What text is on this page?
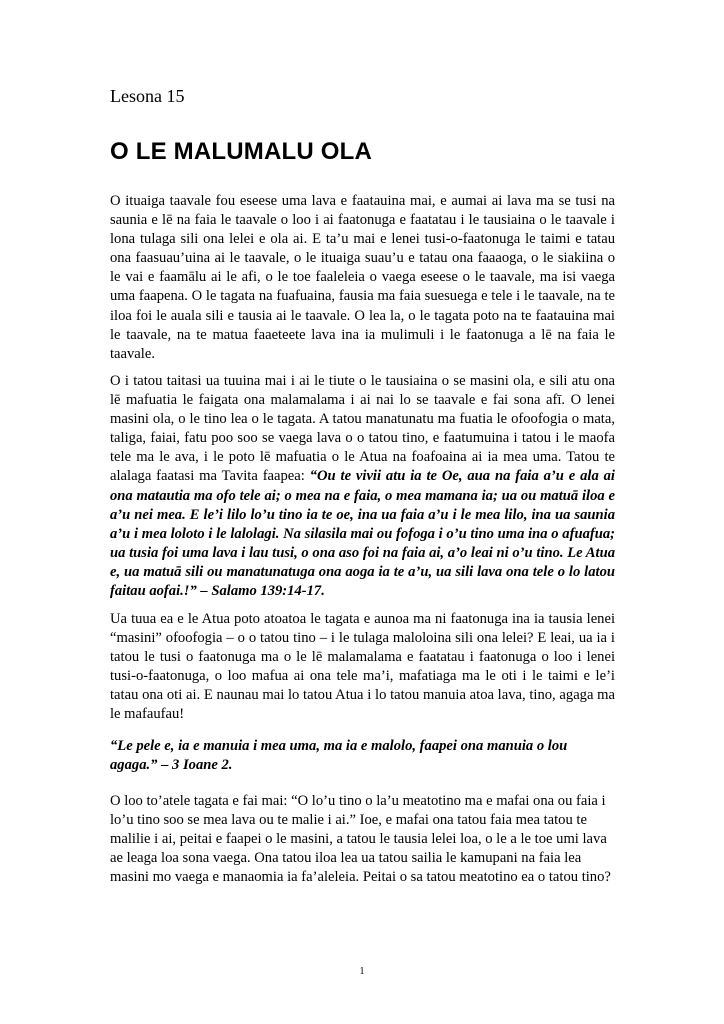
Lesona 15
O LE MALUMALU OLA

O ituaiga taavale fou eseese uma lava e faatauina mai, e aumai ai lava ma se tusi na saunia e lē na faia le taavale o loo i ai faatonuga e faatatau i le tausiaina o le taavale i lona tulaga sili ona lelei e ola ai. E ta’u mai e lenei tusi-o-faatonuga le taimi e tatau ona faasuau’uina ai le taavale, o le ituaiga suau’u e tatau ona faaaoga, o le siakiina o le vai e faamālu ai le afi, o le toe faaleleia o vaega eseese o le taavale, ma isi vaega uma faapena. O le tagata na fuafuaina, fausia ma faia suesuega e tele i le taavale, na te iloa foi le auala sili e tausia ai le taavale. O lea la, o le tagata poto na te faatauina mai le taavale, na te matua faaeteete lava ina ia mulimuli i le faatonuga a lē na faia le taavale.

O i tatou taitasi ua tuuina mai i ai le tiute o le tausiaina o se masini ola, e sili atu ona lē mafuatia le faigata ona malamalama i ai nai lo se taavale e fai sona afī. O lenei masini ola, o le tino lea o le tagata. A tatou manatunatu ma fuatia le ofoofogia o mata, taliga, faiai, fatu poo soo se vaega lava o o tatou tino, e faatumuina i tatou i le maofa tele ma le ava, i le poto lē mafuatia o le Atua na foafoaina ai ia mea uma. Tatou te alalaga faatasi ma Tavita faapea: “Ou te vivii atu ia te Oe, aua na faia a’u e ala ai ona matautia ma ofo tele ai; o mea na e faia, o mea mamana ia; ua ou matuā iloa e a’u nei mea. E le’i lilo lo’u tino ia te oe, ina ua faia a’u i le mea lilo, ina ua saunia a’u i mea loloto i le lalolagi. Na silasila mai ou fofoga i o’u tino uma ina o afuafua; ua tusia foi uma lava i lau tusi, o ona aso foi na faia ai, a’o leai ni o’u tino. Le Atua e, ua matuā sili ou manatunatuga ona aoga ia te a’u, ua sili lava ona tele o lo latou faitau aofai.!” – Salamo 139:14-17.

Ua tuua ea e le Atua poto atoatoa le tagata e aunoa ma ni faatonuga ina ia tausia lenei “masini” ofoofogia – o o tatou tino – i le tulaga maloloina sili ona lelei? E leai, ua ia i tatou le tusi o faatonuga ma o le lē malamalama e faatatau i faatonuga o loo i lenei tusi-o-faatonuga, o loo mafua ai ona tele ma’i, mafatiaga ma le oti i le taimi e le’i tatau ona oti ai. E naunau mai lo tatou Atua i lo tatou manuia atoa lava, tino, agaga ma le mafaufau!

“Le pele e, ia e manuia i mea uma, ma ia e malolo, faapei ona manuia o lou agaga.” – 3 Ioane 2.

O loo to’atele tagata e fai mai: “O lo’u tino o la’u meatotino ma e mafai ona ou faia i lo’u tino soo se mea lava ou te malie i ai.” Ioe, e mafai ona tatou faia mea tatou te malilie i ai, peitai e faapei o le masini, a tatou le tausia lelei loa, o le a le toe umi lava ae leaga loa sona vaega. Ona tatou iloa lea ua tatou sailia le kamupani na faia lea masini mo vaega e manaomia ia fa’aleleia. Peitai o sa tatou meatotino ea o tatou tino?

1
